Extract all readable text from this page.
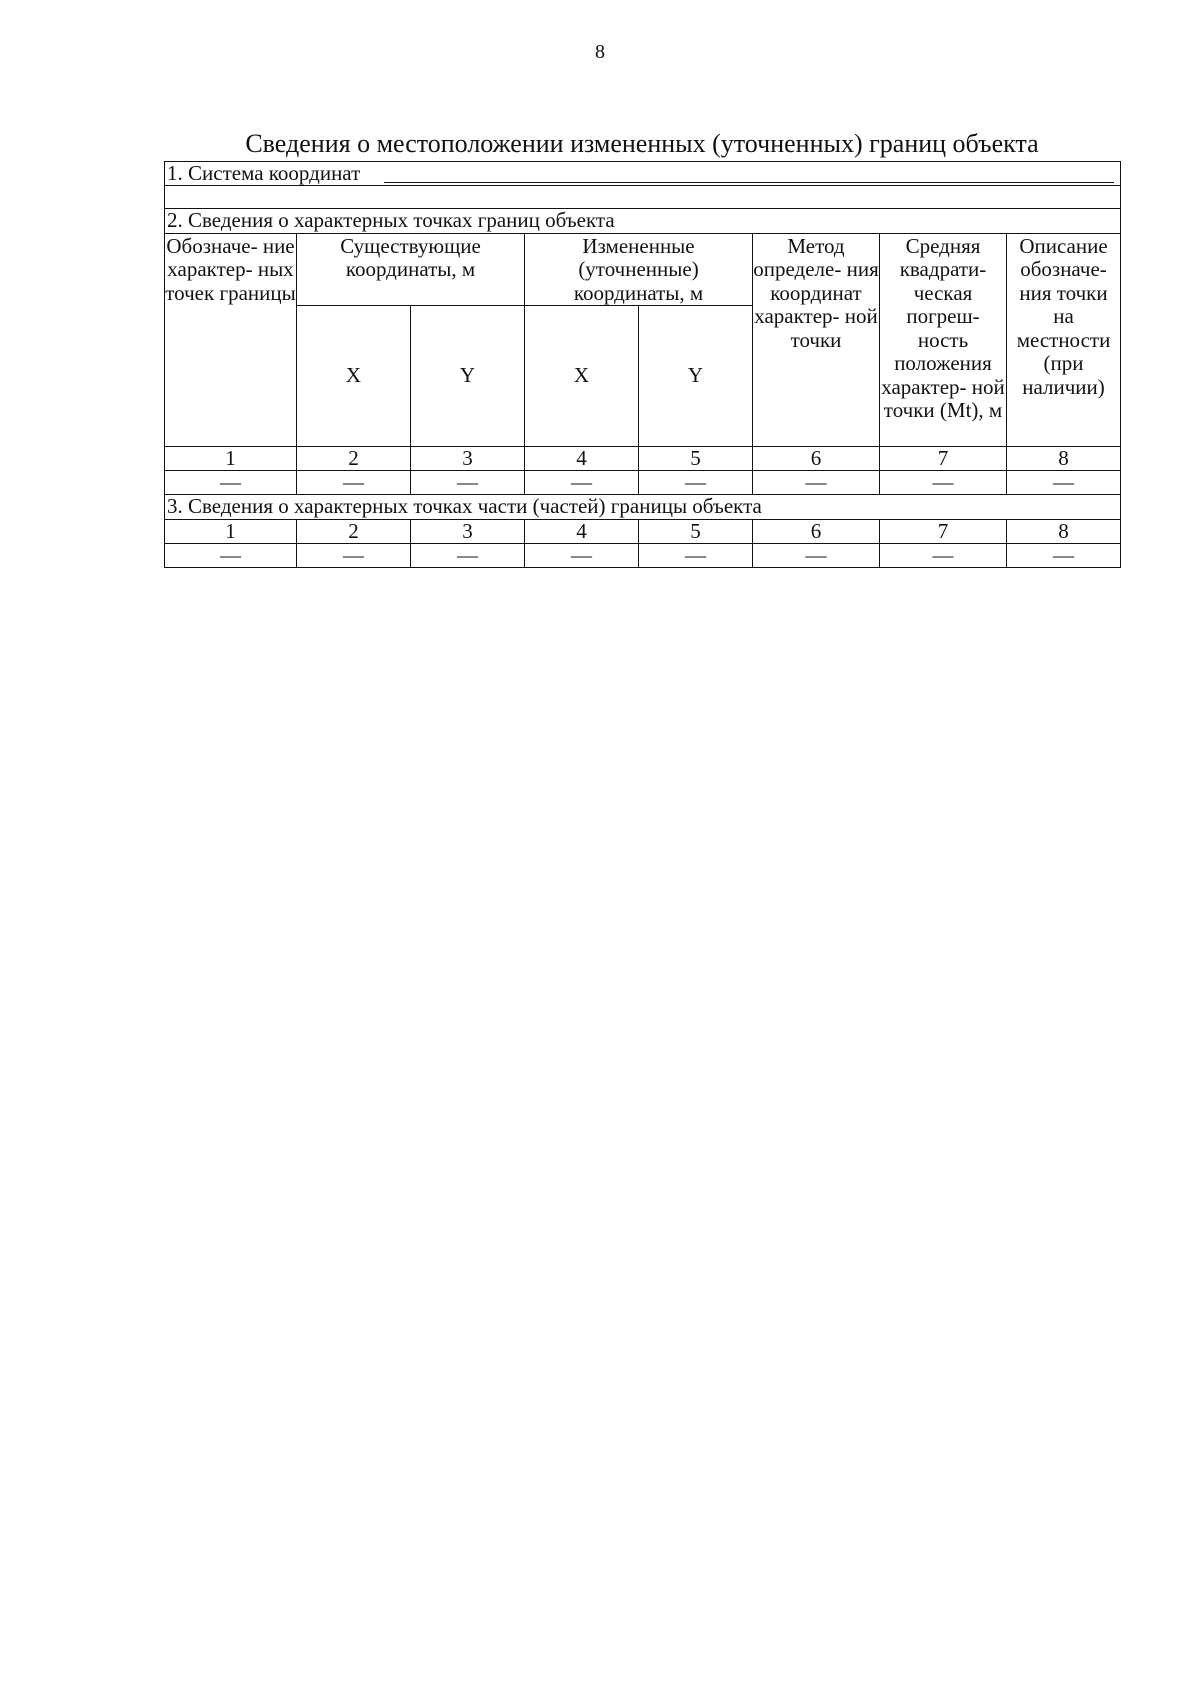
8
Сведения о местоположении измененных (уточненных) границ объекта
1. Система координат							

2. Сведения о характерных точках границ объекта							
Обозначе- ние характер- ных точек границы	Существующие координаты, м		Измененные (уточненные) координаты, м		Метод определе- ния координат характер- ной точки	Средняя квадрати- ческая погреш- ность положения характер- ной точки (Mt), м	Описание обозначе- ния точки на местности (при наличии)
	X	Y	X	Y			
1	2	3	4	5	6	7	8
—	—	—	—	—	—	—	—
3. Сведения о характерных точках части (частей) границы объекта							
1	2	3	4	5	6	7	8
—	—	—	—	—	—	—	—
